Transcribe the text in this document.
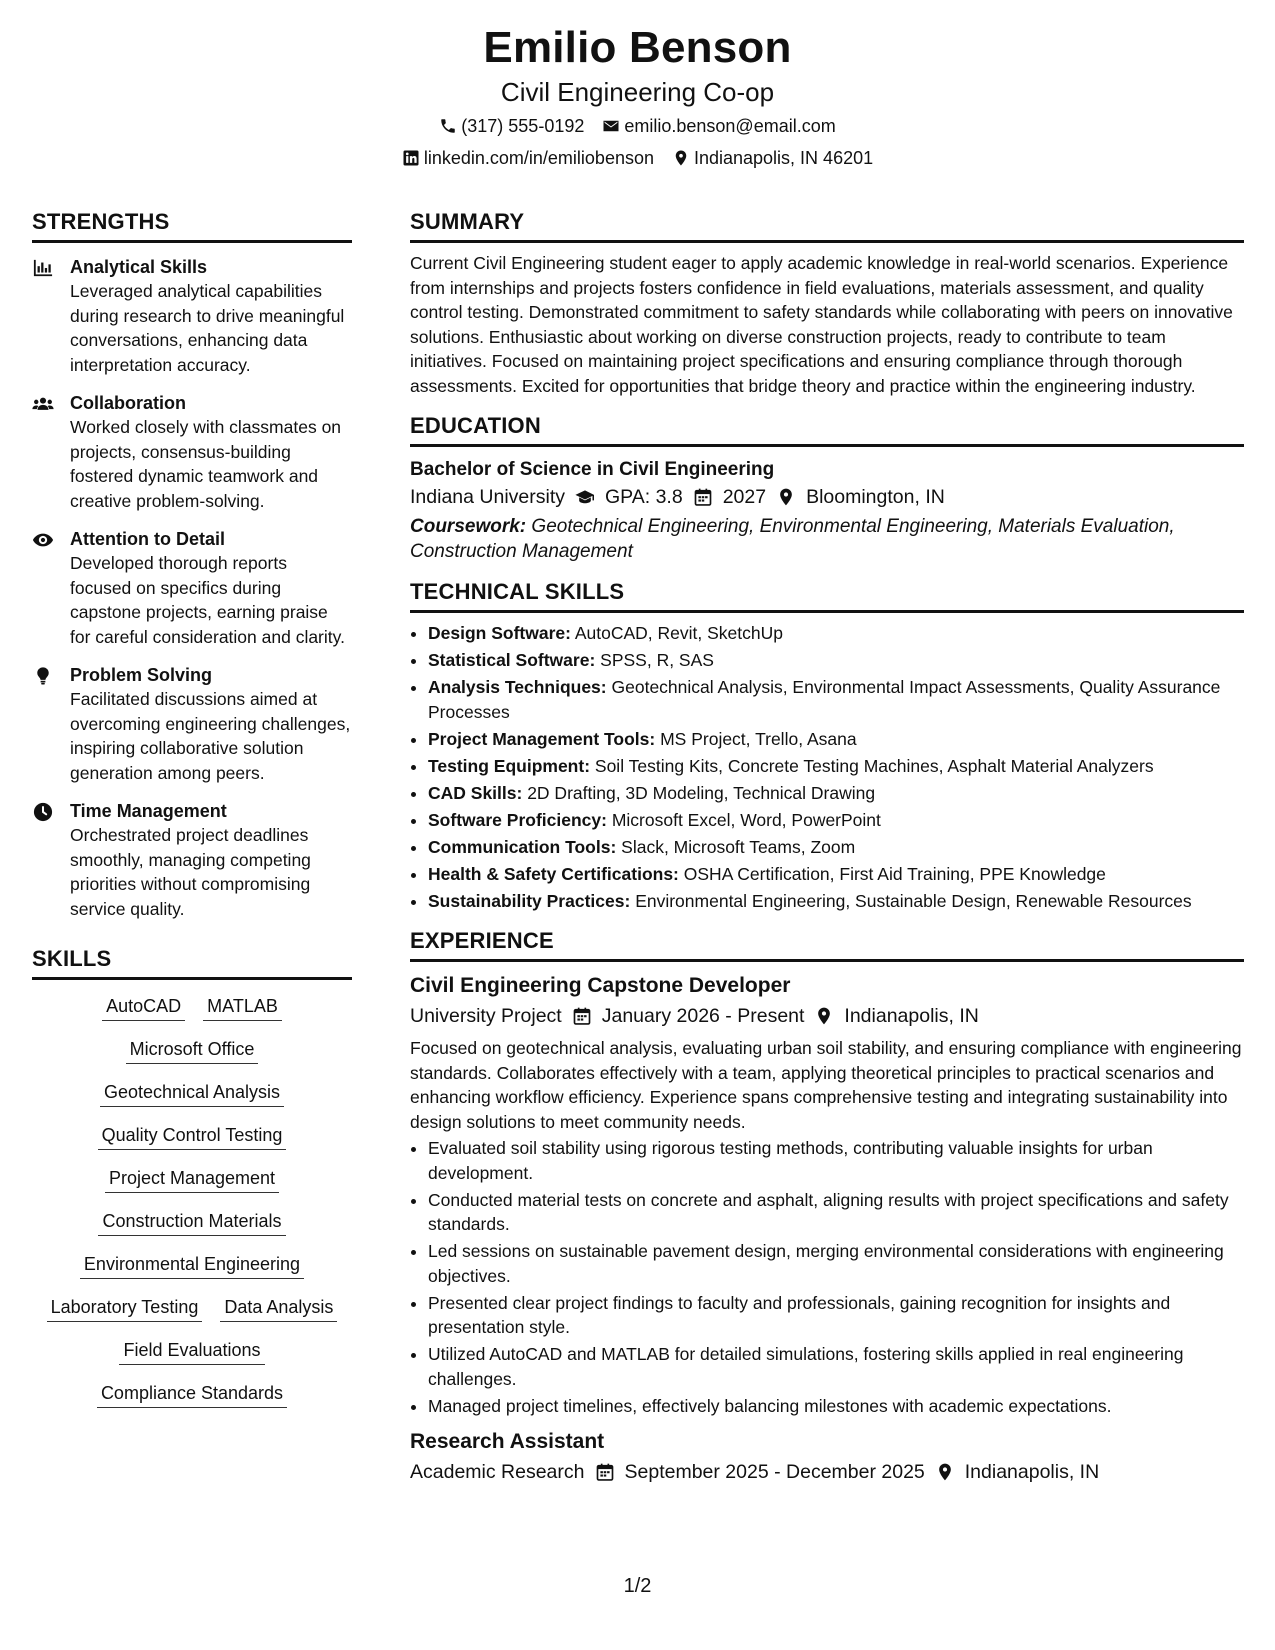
Emilio Benson
Civil Engineering Co-op
(317) 555-0192 emilio.benson@email.com
linkedin.com/in/emiliobenson Indianapolis, IN 46201
STRENGTHS
Analytical Skills
Leveraged analytical capabilities during research to drive meaningful conversations, enhancing data interpretation accuracy.
Collaboration
Worked closely with classmates on projects, consensus-building fostered dynamic teamwork and creative problem-solving.
Attention to Detail
Developed thorough reports focused on specifics during capstone projects, earning praise for careful consideration and clarity.
Problem Solving
Facilitated discussions aimed at overcoming engineering challenges, inspiring collaborative solution generation among peers.
Time Management
Orchestrated project deadlines smoothly, managing competing priorities without compromising service quality.
SKILLS
AutoCAD MATLAB
Microsoft Office
Geotechnical Analysis
Quality Control Testing
Project Management
Construction Materials
Environmental Engineering
Laboratory Testing Data Analysis
Field Evaluations
Compliance Standards
SUMMARY

Current Civil Engineering student eager to apply academic knowledge in real-world scenarios. Experience from internships and projects fosters confidence in field evaluations, materials assessment, and quality control testing. Demonstrated commitment to safety standards while collaborating with peers on innovative solutions. Enthusiastic about working on diverse construction projects, ready to contribute to team initiatives. Focused on maintaining project specifications and ensuring compliance through thorough assessments. Excited for opportunities that bridge theory and practice within the engineering industry.

EDUCATION
Bachelor of Science in Civil Engineering
Indiana University GPA: 3.8 2027 Bloomington, IN
Coursework: Geotechnical Engineering, Environmental Engineering, Materials Evaluation, Construction Management
TECHNICAL SKILLS
• Design Software: AutoCAD, Revit, SketchUp
• Statistical Software: SPSS, R, SAS
• Analysis Techniques: Geotechnical Analysis, Environmental Impact Assessments, Quality Assurance Processes
• Project Management Tools: MS Project, Trello, Asana
• Testing Equipment: Soil Testing Kits, Concrete Testing Machines, Asphalt Material Analyzers
• CAD Skills: 2D Drafting, 3D Modeling, Technical Drawing
• Software Proficiency: Microsoft Excel, Word, PowerPoint
• Communication Tools: Slack, Microsoft Teams, Zoom
• Health & Safety Certifications: OSHA Certification, First Aid Training, PPE Knowledge
• Sustainability Practices: Environmental Engineering, Sustainable Design, Renewable Resources
EXPERIENCE
Civil Engineering Capstone Developer
University Project January 2026 - Present Indianapolis, IN

Focused on geotechnical analysis, evaluating urban soil stability, and ensuring compliance with engineering standards. Collaborates effectively with a team, applying theoretical principles to practical scenarios and enhancing workflow efficiency. Experience spans comprehensive testing and integrating sustainability into design solutions to meet community needs.

• Evaluated soil stability using rigorous testing methods, contributing valuable insights for urban development.
• Conducted material tests on concrete and asphalt, aligning results with project specifications and safety standards.
• Led sessions on sustainable pavement design, merging environmental considerations with engineering objectives.
• Presented clear project findings to faculty and professionals, gaining recognition for insights and presentation style.
• Utilized AutoCAD and MATLAB for detailed simulations, fostering skills applied in real engineering challenges.
• Managed project timelines, effectively balancing milestones with academic expectations.
Research Assistant
Academic Research September 2025 - December 2025 Indianapolis, IN
1/2
